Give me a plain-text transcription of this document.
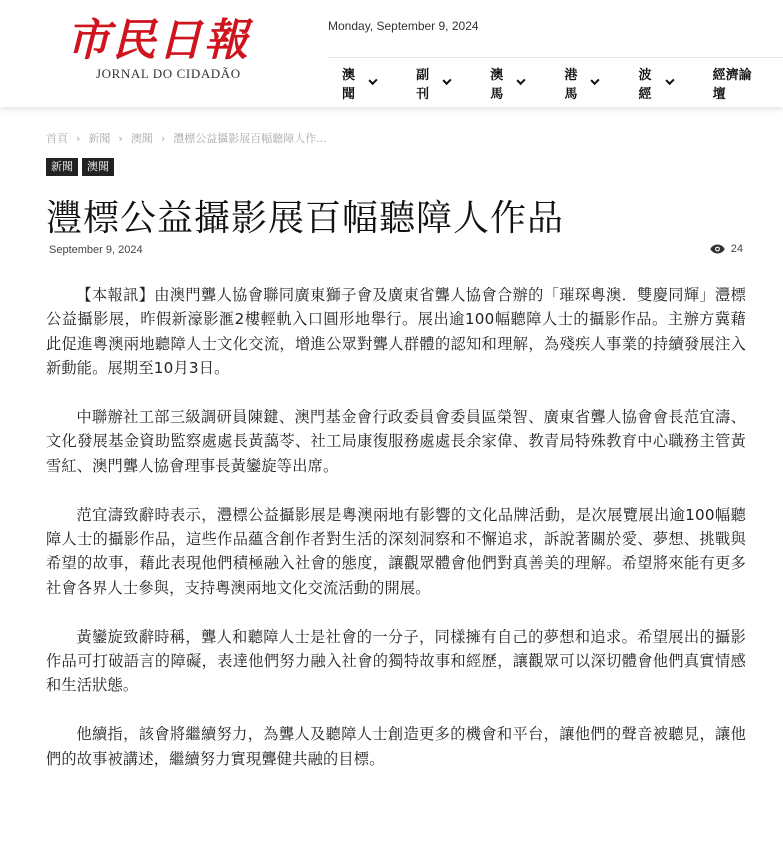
市民日報
JORNAL DO CIDADÃO
Monday, September 9, 2024
澳聞
副刊
澳馬
港馬
波經
經濟論壇
首頁 › 新聞 › 澳聞 › 灃標公益攝影展百幅聽障人作...
新聞	澳聞
灃標公益攝影展百幅聽障人作品
September 9, 2024	24

【本報訊】由澳門聾人協會聯同廣東獅子會及廣東省聾人協會合辦的「璀琛粵澳．雙慶同輝」灃標公益攝影展，昨假新濠影滙2樓輕軌入口圓形地舉行。展出逾100幅聽障人士的攝影作品。主辦方冀藉此促進粵澳兩地聽障人士文化交流，增進公眾對聾人群體的認知和理解，為殘疾人事業的持續發展注入新動能。展期至10月3日。

中聯辦社工部三級調研員陳鍵、澳門基金會行政委員會委員區榮智、廣東省聾人協會會長范宜濤、文化發展基金資助監察處處長黃藹苓、社工局康復服務處處長余家偉、教青局特殊教育中心職務主管黃雪紅、澳門聾人協會理事長黃鑾旋等出席。

范宜濤致辭時表示，灃標公益攝影展是粵澳兩地有影響的文化品牌活動，是次展覽展出逾100幅聽障人士的攝影作品，這些作品蘊含創作者對生活的深刻洞察和不懈追求，訴說著關於愛、夢想、挑戰與希望的故事，藉此表現他們積極融入社會的態度，讓觀眾體會他們對真善美的理解。希望將來能有更多社會各界人士參與，支持粵澳兩地文化交流活動的開展。

黃鑾旋致辭時稱，聾人和聽障人士是社會的一分子，同樣擁有自己的夢想和追求。希望展出的攝影作品可打破語言的障礙，表達他們努力融入社會的獨特故事和經歷，讓觀眾可以深切體會他們真實情感和生活狀態。

他續指，該會將繼續努力，為聾人及聽障人士創造更多的機會和平台，讓他們的聲音被聽見，讓他們的故事被講述，繼續努力實現聾健共融的目標。
